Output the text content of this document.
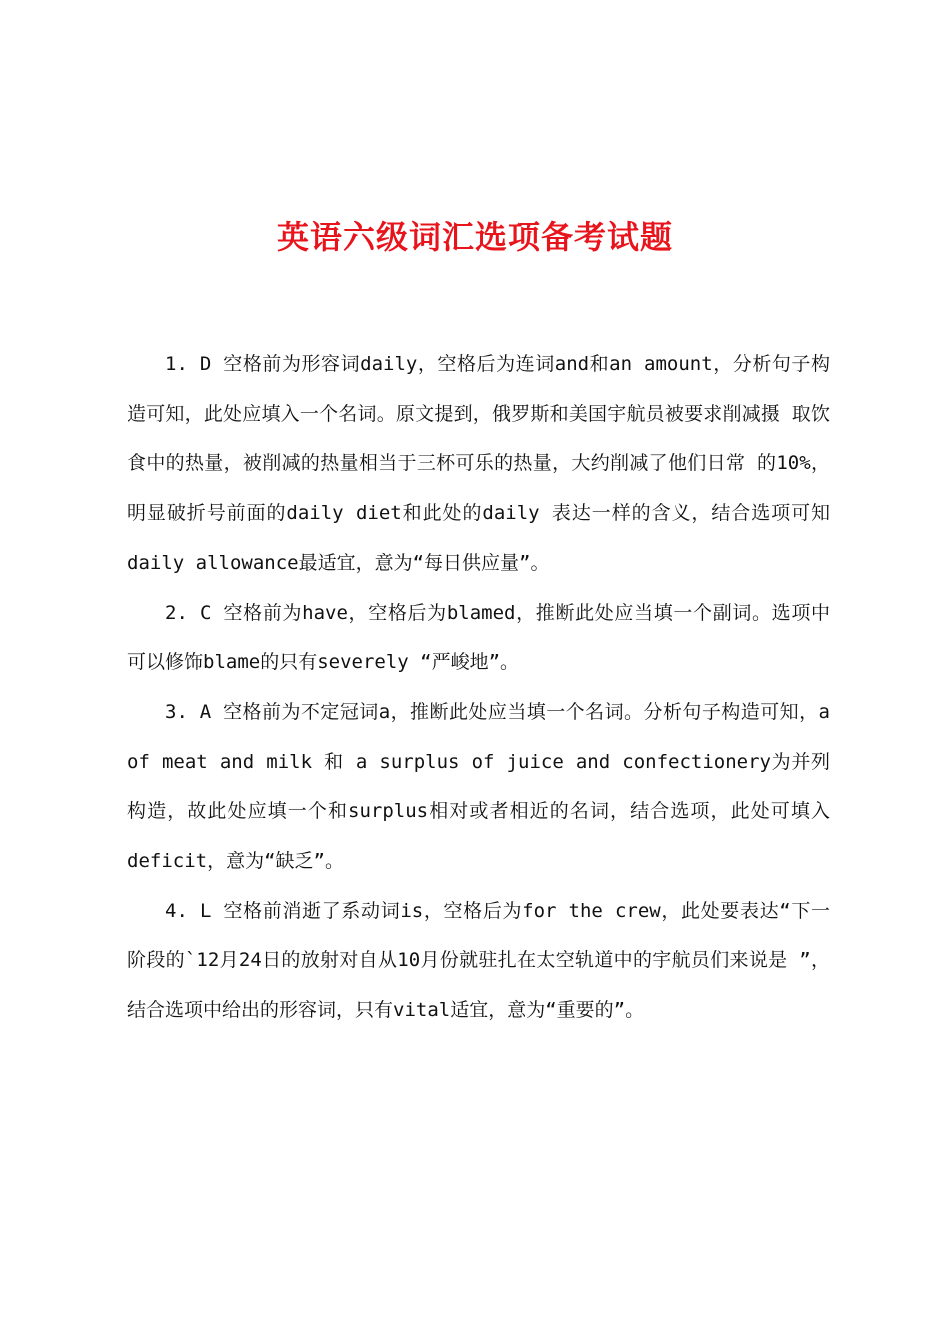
英语六级词汇选项备考试题

1. D 空格前为形容词daily，空格后为连词and和an amount，分析句子构造可知，此处应填入一个名词。原文提到，俄罗斯和美国宇航员被要求削减摄 取饮食中的热量，被削减的热量相当于三杯可乐的热量，大约削减了他们日常 的10%，明显破折号前面的daily diet和此处的daily 表达一样的含义，结合选项可知daily allowance最适宜，意为“每日供应量”。

2. C 空格前为have，空格后为blamed，推断此处应当填一个副词。选项中可以修饰blame的只有severely “严峻地”。

3. A 空格前为不定冠词a，推断此处应当填一个名词。分析句子构造可知，a of meat and milk 和 a surplus of juice and confectionery为并列构造，故此处应填一个和surplus相对或者相近的名词，结合选项，此处可填入 deficit，意为“缺乏”。

4. L 空格前消逝了系动词is，空格后为for the crew，此处要表达“下一阶段的`12月24日的放射对自从10月份就驻扎在太空轨道中的宇航员们来说是 ”，结合选项中给出的形容词，只有vital适宜，意为“重要的”。
